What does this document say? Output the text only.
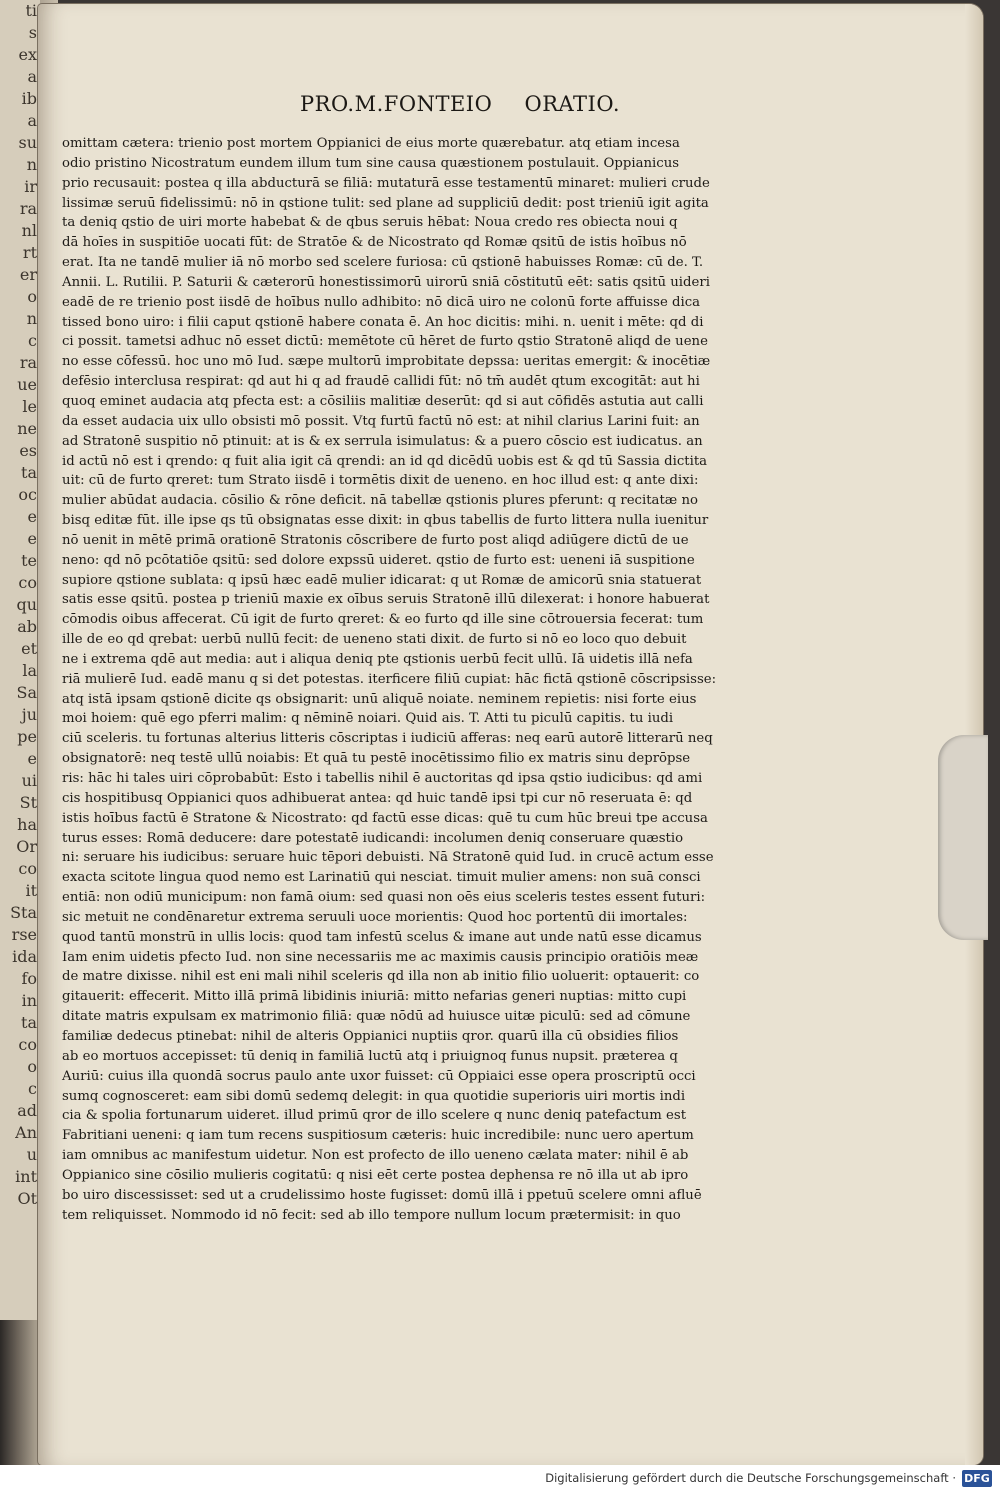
ti
s
ex
a
ib
a
su
n
ir
ra
nl
rt
er
o
n
c
ra
ue
le
ne
es
ta
oc
e
e
te
co
qu
ab
et
la
Sa
ju
pe
e
ui
St
ha
Or
co
it
Sta
rse
ida
fo
in
ta
co
o
c
ad
An
u
int
Ot
PRO.M.FONTEIO ORATIO.
omittam cætera: trienio post mortem Oppianici de eius morte quærebatur. atq etiam incesa
odio pristino Nicostratum eundem illum tum sine causa quæstionem postulauit. Oppianicus
prio recusauit: postea q illa abducturā se filiā: mutaturā esse testamentū minaret: mulieri crude
lissimæ seruū fidelissimū: nō in qstione tulit: sed plane ad suppliciū dedit: post trieniū igit agita
ta deniq qstio de uiri morte habebat & de qbus seruis hēbat: Noua credo res obiecta noui q
dā hoīes in suspitiōe uocati fūt: de Stratōe & de Nicostrato qd Romæ qsitū de istis hoībus nō
erat. Ita ne tandē mulier iā nō morbo sed scelere furiosa: cū qstionē habuisses Romæ: cū de. T.
Annii. L. Rutilii. P. Saturii & cæterorū honestissimorū uirorū sniā cōstitutū eēt: satis qsitū uideri
eadē de re trienio post iisdē de hoībus nullo adhibito: nō dicā uiro ne colonū forte affuisse dica
tissed bono uiro: i filii caput qstionē habere conata ē. An hoc dicitis: mihi. n. uenit i mēte: qd di
ci possit. tametsi adhuc nō esset dictū: memētote cū hēret de furto qstio Stratonē aliqd de uene
no esse cōfessū. hoc uno mō Iud. sæpe multorū improbitate depssa: ueritas emergit: & inocētiæ
defēsio interclusa respirat: qd aut hi q ad fraudē callidi fūt: nō tm̄ audēt qtum excogitāt: aut hi
quoq eminet audacia atq pfecta est: a cōsiliis malitiæ deserūt: qd si aut cōfidēs astutia aut calli
da esset audacia uix ullo obsisti mō possit. Vtq furtū factū nō est: at nihil clarius Larini fuit: an
ad Stratonē suspitio nō ptinuit: at is & ex serrula isimulatus: & a puero cōscio est iudicatus. an
id actū nō est i qrendo: q fuit alia igit cā qrendi: an id qd dicēdū uobis est & qd tū Sassia dictita
uit: cū de furto qreret: tum Strato iisdē i tormētis dixit de ueneno. en hoc illud est: q ante dixi:
mulier abūdat audacia. cōsilio & rōne deficit. nā tabellæ qstionis plures pferunt: q recitatæ no
bisq editæ fūt. ille ipse qs tū obsignatas esse dixit: in qbus tabellis de furto littera nulla iuenitur
nō uenit in mētē primā orationē Stratonis cōscribere de furto post aliqd adiūgere dictū de ue
neno: qd nō pcōtatiōe qsitū: sed dolore expssū uideret. qstio de furto est: ueneni iā suspitione
supiore qstione sublata: q ipsū hæc eadē mulier idicarat: q ut Romæ de amicorū snia statuerat
satis esse qsitū. postea p trieniū maxie ex oībus seruis Stratonē illū dilexerat: i honore habuerat
cōmodis oibus affecerat. Cū igit de furto qreret: & eo furto qd ille sine cōtrouersia fecerat: tum
ille de eo qd qrebat: uerbū nullū fecit: de ueneno stati dixit. de furto si nō eo loco quo debuit
ne i extrema qdē aut media: aut i aliqua deniq pte qstionis uerbū fecit ullū. Iā uidetis illā nefa
riā mulierē Iud. eadē manu q si det potestas. iterficere filiū cupiat: hāc fictā qstionē cōscripsisse:
atq istā ipsam qstionē dicite qs obsignarit: unū aliquē noiate. neminem repietis: nisi forte eius
moi hoiem: quē ego pferri malim: q nēminē noiari. Quid ais. T. Atti tu piculū capitis. tu iudi
ciū sceleris. tu fortunas alterius litteris cōscriptas i iudiciū afferas: neq earū autorē litterarū neq
obsignatorē: neq testē ullū noiabis: Et quā tu pestē inocētissimo filio ex matris sinu deprōpse
ris: hāc hi tales uiri cōprobabūt: Esto i tabellis nihil ē auctoritas qd ipsa qstio iudicibus: qd ami
cis hospitibusq Oppianici quos adhibuerat antea: qd huic tandē ipsi tpi cur nō reseruata ē: qd
istis hoībus factū ē Stratone & Nicostrato: qd factū esse dicas: quē tu cum hūc breui tpe accusa
turus esses: Romā deducere: dare potestatē iudicandi: incolumen deniq conseruare quæstio
ni: seruare his iudicibus: seruare huic tēpori debuisti. Nā Stratonē quid Iud. in crucē actum esse
exacta scitote lingua quod nemo est Larinatiū qui nesciat. timuit mulier amens: non suā consci
entiā: non odiū municipum: non famā oium: sed quasi non oēs eius sceleris testes essent futuri:
sic metuit ne condēnaretur extrema seruuli uoce morientis: Quod hoc portentū dii imortales:
quod tantū monstrū in ullis locis: quod tam infestū scelus & imane aut unde natū esse dicamus
Iam enim uidetis pfecto Iud. non sine necessariis me ac maximis causis principio oratiōis meæ
de matre dixisse. nihil est eni mali nihil sceleris qd illa non ab initio filio uoluerit: optauerit: co
gitauerit: effecerit. Mitto illā primā libidinis iniuriā: mitto nefarias generi nuptias: mitto cupi
ditate matris expulsam ex matrimonio filiā: quæ nōdū ad huiusce uitæ piculū: sed ad cōmune
familiæ dedecus ptinebat: nihil de alteris Oppianici nuptiis qror. quarū illa cū obsidies filios
ab eo mortuos accepisset: tū deniq in familiā luctū atq i priuignoq funus nupsit. præterea q
Auriū: cuius illa quondā socrus paulo ante uxor fuisset: cū Oppiaici esse opera proscriptū occi
sumq cognosceret: eam sibi domū sedemq delegit: in qua quotidie superioris uiri mortis indi
cia & spolia fortunarum uideret. illud primū qror de illo scelere q nunc deniq patefactum est
Fabritiani ueneni: q iam tum recens suspitiosum cæteris: huic incredibile: nunc uero apertum
iam omnibus ac manifestum uidetur. Non est profecto de illo ueneno cælata mater: nihil ē ab
Oppianico sine cōsilio mulieris cogitatū: q nisi eēt certe postea dephensa re nō illa ut ab ipro
bo uiro discessisset: sed ut a crudelissimo hoste fugisset: domū illā i ppetuū scelere omni afluē
tem reliquisset. Nommodo id nō fecit: sed ab illo tempore nullum locum prætermisit: in quo
Digitalisierung gefördert durch die Deutsche Forschungsgemeinschaft · DFG
